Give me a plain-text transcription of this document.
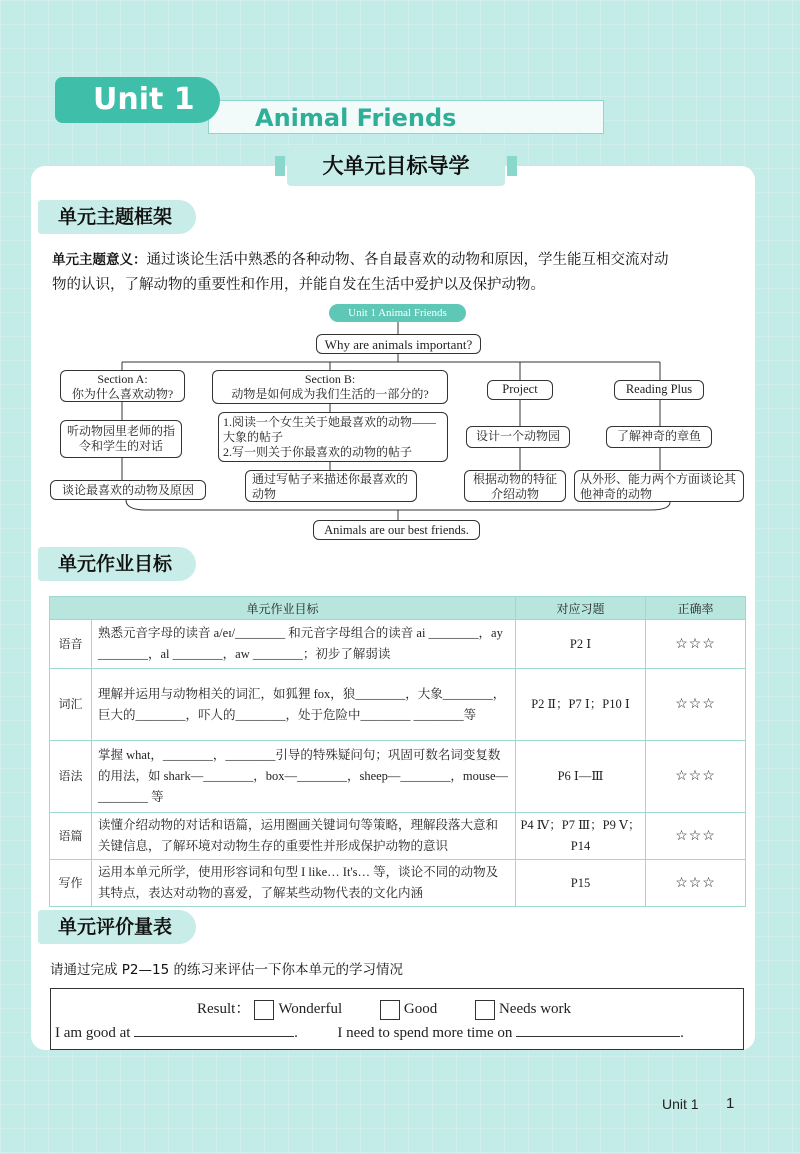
Animal Friends
Unit 1
大单元目标导学
单元主题框架
单元主题意义：通过谈论生活中熟悉的各种动物、各自最喜欢的动物和原因，学生能互相交流对动
物的认识，了解动物的重要性和作用，并能自发在生活中爱护以及保护动物。
Unit 1 Animal Friends
Why are animals important?
Section A:
你为什么喜欢动物?
Section B:
动物是如何成为我们生活的一部分的?	Project	Reading Plus
听动物园里老师的指令和学生的对话
1.阅读一个女生关于她最喜欢的动物——大象的帖子
2.写一则关于你最喜欢的动物的帖子
设计一个动物园	了解神奇的章鱼
谈论最喜欢的动物及原因
通过写帖子来描述你最喜欢的动物
根据动物的特征介绍动物
从外形、能力两个方面谈论其他神奇的动物
Animals are our best friends.
单元作业目标
单元作业目标		对应习题	正确率
语音	熟悉元音字母的读音 a/eɪ/________ 和元音字母组合的读音 ai ________，ay ________，al ________，aw ________；初步了解弱读	P2 Ⅰ	☆☆☆
词汇	理解并运用与动物相关的词汇，如狐狸 fox，狼________，大象________，巨大的________，吓人的________，处于危险中________ ________等	P2 Ⅱ；P7 Ⅰ；P10 Ⅰ	☆☆☆
语法	掌握 what，________，________引导的特殊疑问句；巩固可数名词变复数的用法，如 shark—________，box—________，sheep—________，mouse—________ 等	P6 Ⅰ—Ⅲ	☆☆☆
语篇	读懂介绍动物的对话和语篇，运用圈画关键词句等策略，理解段落大意和关键信息，了解环境对动物生存的重要性并形成保护动物的意识	P4 Ⅳ；P7 Ⅲ；P9 Ⅴ；P14	☆☆☆
写作	运用本单元所学，使用形容词和句型 I like… It's… 等，谈论不同的动物及其特点，表达对动物的喜爱，了解某些动物代表的文化内涵	P15	☆☆☆
单元评价量表
请通过完成 P2—15 的练习来评估一下你本单元的学习情况
Result： Wonderful	Good	Needs work
I am good at	.  I need to spend more time on	.
Unit 1 1
